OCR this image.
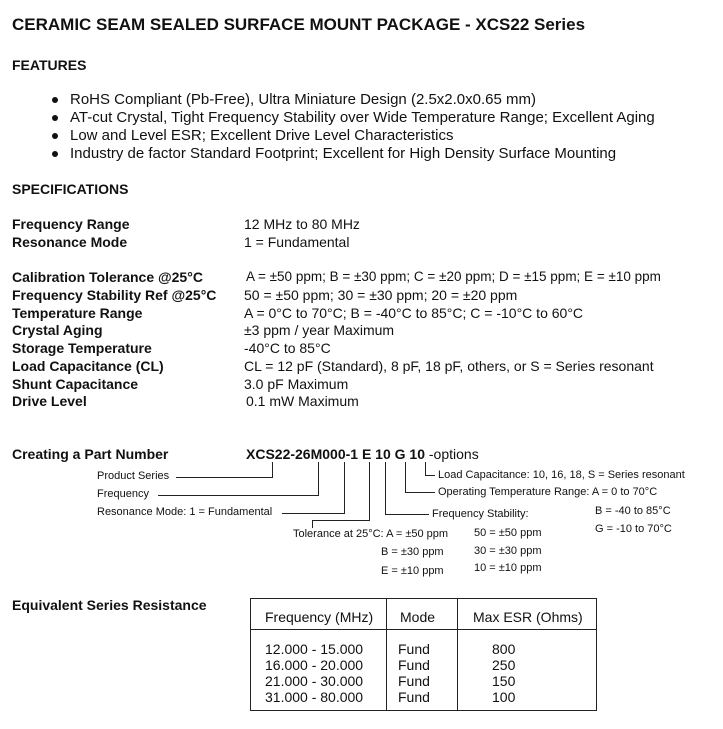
CERAMIC SEAM SEALED SURFACE MOUNT PACKAGE - XCS22 Series
FEATURES
RoHS Compliant (Pb-Free), Ultra Miniature Design (2.5x2.0x0.65 mm)
AT-cut Crystal, Tight Frequency Stability over Wide Temperature Range; Excellent Aging
Low and Level ESR; Excellent Drive Level Characteristics
Industry de factor Standard Footprint; Excellent for High Density Surface Mounting
SPECIFICATIONS
Frequency Range	12 MHz to 80 MHz
Resonance Mode	1 = Fundamental
Calibration Tolerance @25°C	A = ±50 ppm; B = ±30 ppm; C = ±20 ppm; D = ±15 ppm; E = ±10 ppm
Frequency Stability Ref @25°C 50 = ±50 ppm; 30 = ±30 ppm; 20 = ±20 ppm
Temperature Range	A = 0°C to 70°C; B = -40°C to 85°C; C = -10°C to 60°C
Crystal Aging	±3 ppm / year Maximum
Storage Temperature	-40°C to 85°C
Load Capacitance (CL)	CL = 12 pF (Standard), 8 pF, 18 pF, others, or S = Series resonant
Shunt Capacitance	3.0 pF Maximum
Drive Level	0.1 mW Maximum
Creating a Part Number	XCS22-26M000-1 E 10 G 10 -options
Product Series
Frequency
Resonance Mode: 1 = Fundamental
Tolerance at 25°C: A = ±50 ppm
B = ±30 ppm
E = ±10 ppm
Frequency Stability:
50 = ±50 ppm
30 = ±30 ppm
10 = ±10 ppm
Operating Temperature Range: A = 0 to 70°C
B = -40 to 85°C
G = -10 to 70°C
Load Capacitance: 10, 16, 18, S = Series resonant
Equivalent Series Resistance
Frequency (MHz) Mode	Max ESR (Ohms)
12.000 - 15.000 Fund	800
16.000 - 20.000 Fund	250
21.000 - 30.000 Fund	150
31.000 - 80.000 Fund	100
